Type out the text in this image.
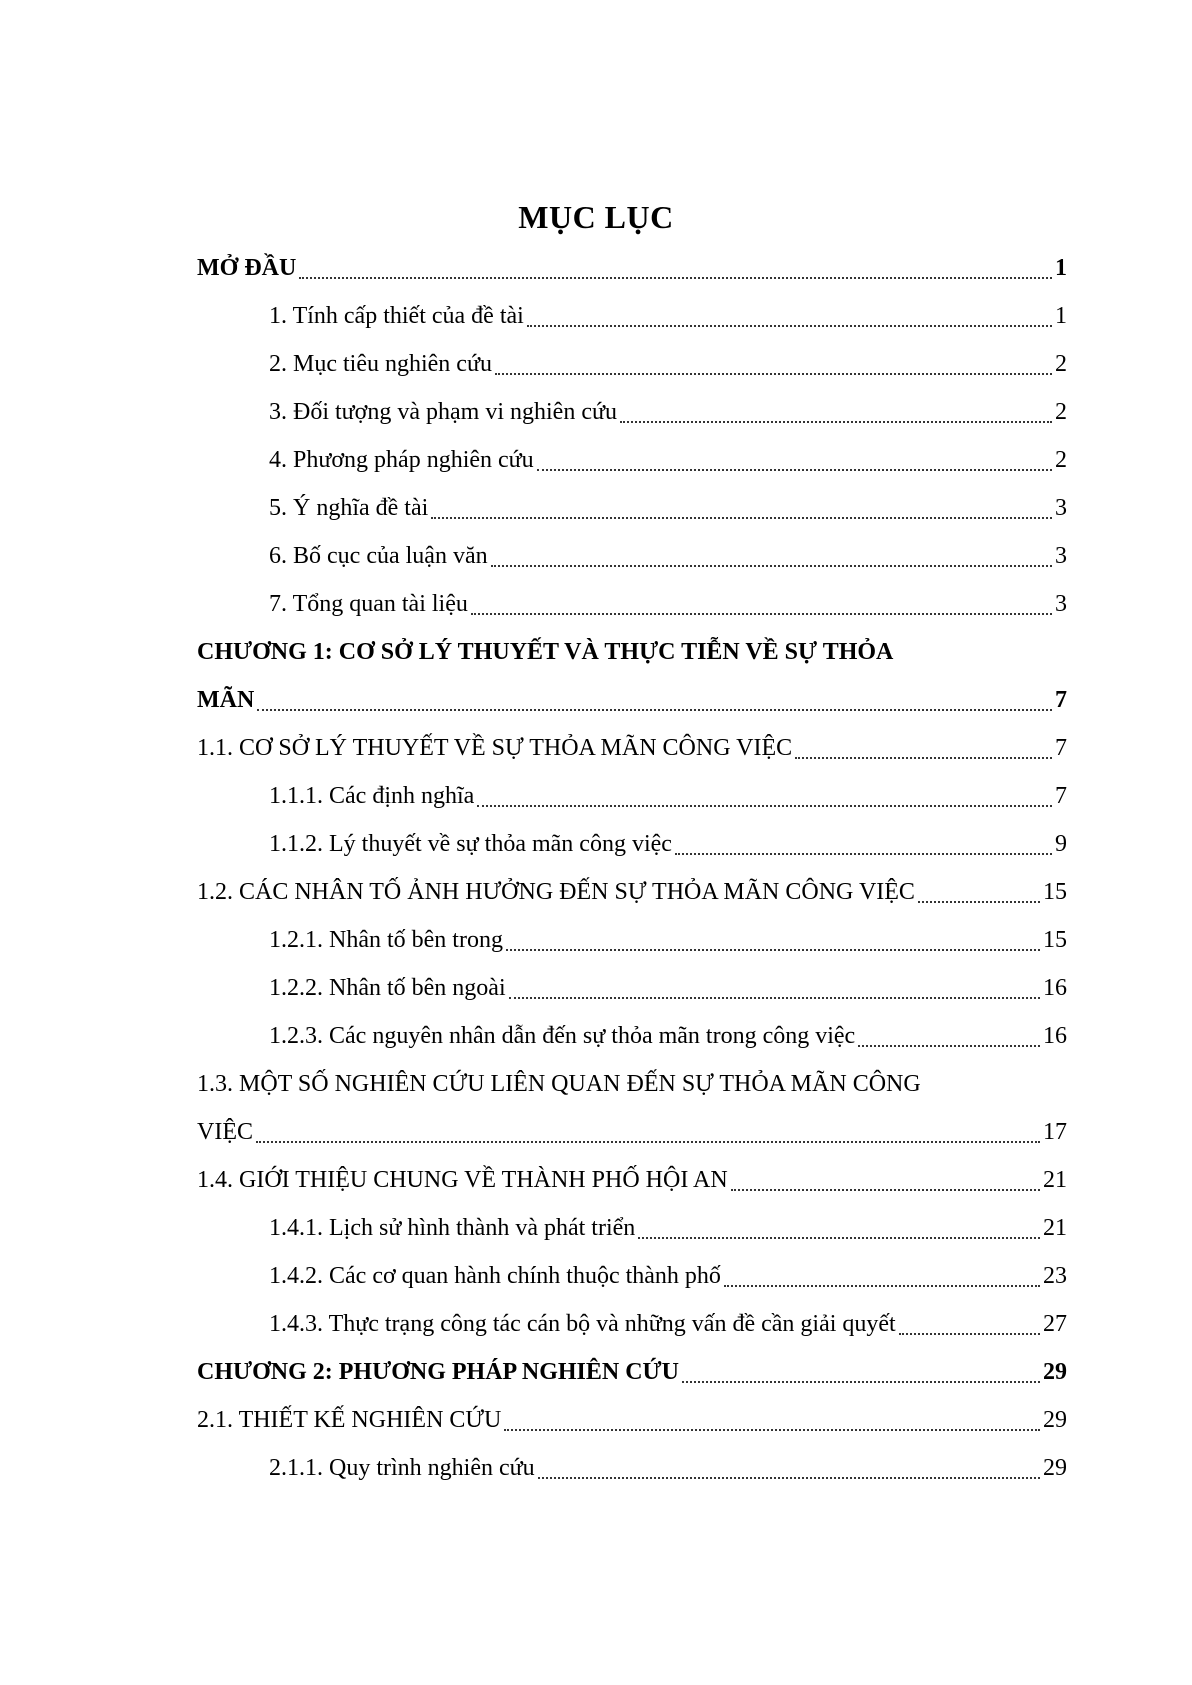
MỤC LỤC
MỞ ĐẦU	1
1. Tính cấp thiết của đề tài	1
2. Mục tiêu nghiên cứu	2
3. Đối tượng và phạm vi nghiên cứu	2
4. Phương pháp nghiên cứu	2
5. Ý nghĩa đề tài	3
6. Bố cục của luận văn	3
7. Tổng quan tài liệu	3
CHƯƠNG 1: CƠ SỞ LÝ THUYẾT VÀ THỰC TIỄN VỀ SỰ THỎA
MÃN	7
1.1. CƠ SỞ LÝ THUYẾT VỀ SỰ THỎA MÃN CÔNG VIỆC	7
1.1.1. Các định nghĩa	7
1.1.2. Lý thuyết về sự thỏa mãn công việc	9
1.2. CÁC NHÂN TỐ ẢNH HƯỞNG ĐẾN SỰ THỎA MÃN CÔNG VIỆC	15
1.2.1. Nhân tố bên trong	15
1.2.2. Nhân tố bên ngoài	16
1.2.3. Các nguyên nhân dẫn đến sự thỏa mãn trong công việc	16
1.3. MỘT SỐ NGHIÊN CỨU LIÊN QUAN ĐẾN SỰ THỎA MÃN CÔNG
VIỆC	17
1.4. GIỚI THIỆU CHUNG VỀ THÀNH PHỐ HỘI AN	21
1.4.1. Lịch sử hình thành và phát triển	21
1.4.2. Các cơ quan hành chính thuộc thành phố	23
1.4.3. Thực trạng công tác cán bộ và những vấn đề cần giải quyết	27
CHƯƠNG 2: PHƯƠNG PHÁP NGHIÊN CỨU	29
2.1. THIẾT KẾ NGHIÊN CỨU	29
2.1.1. Quy trình nghiên cứu	29
